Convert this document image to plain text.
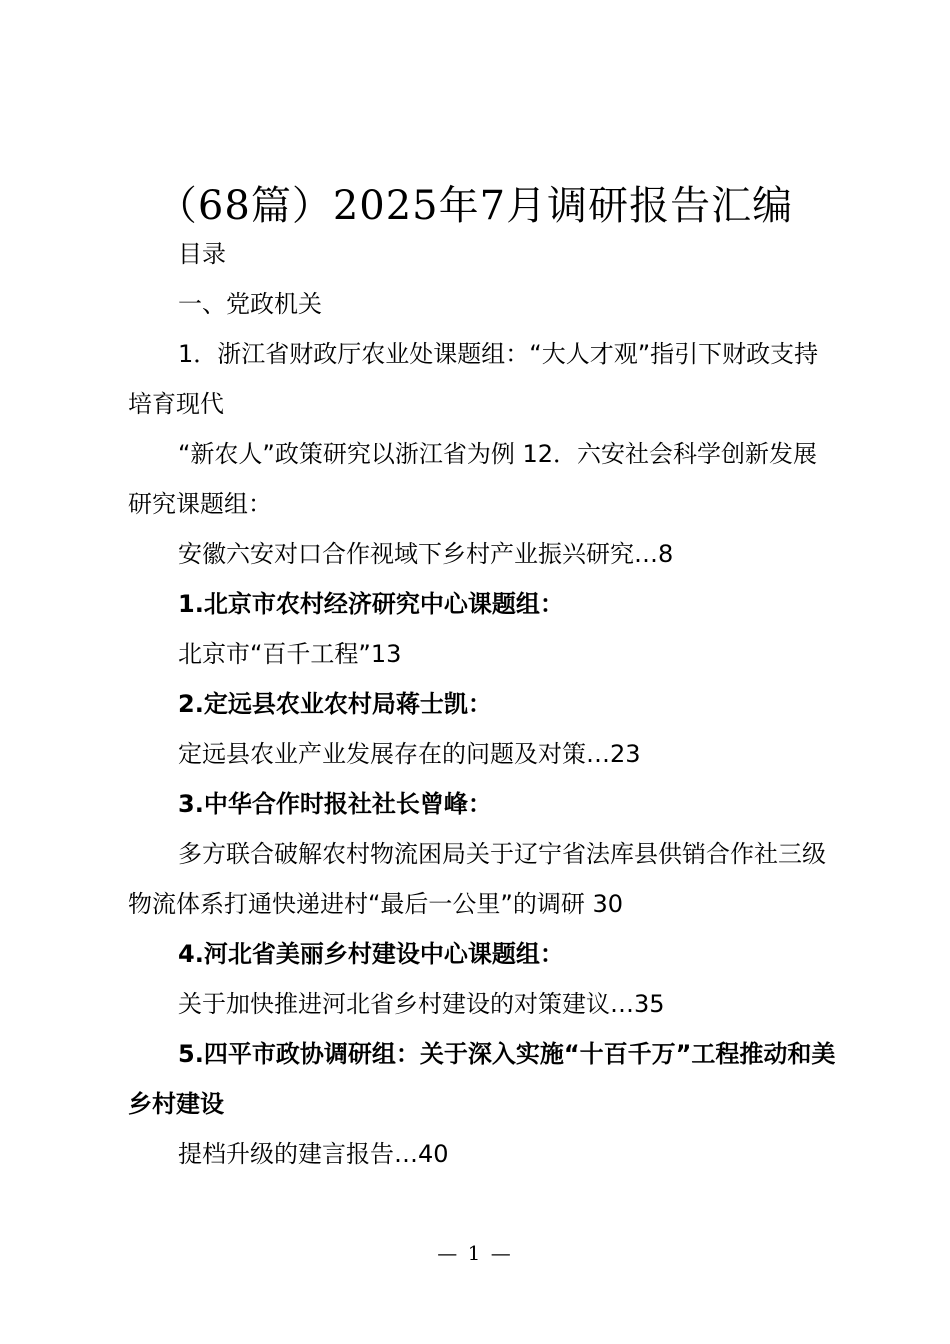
（68篇）2025年7月调研报告汇编

目录

一、党政机关

1．浙江省财政厅农业处课题组：“大人才观”指引下财政支持培育现代

“新农人”政策研究以浙江省为例 12．六安社会科学创新发展研究课题组：

安徽六安对口合作视域下乡村产业振兴研究…8

1.北京市农村经济研究中心课题组：

北京市“百千工程”13

2.定远县农业农村局蒋士凯：

定远县农业产业发展存在的问题及对策…23

3.中华合作时报社社长曾峰：

多方联合破解农村物流困局关于辽宁省法库县供销合作社三级物流体系打通快递进村“最后一公里”的调研 30

4.河北省美丽乡村建设中心课题组：

关于加快推进河北省乡村建设的对策建议…35

5.四平市政协调研组：关于深入实施“十百千万”工程推动和美乡村建设

提档升级的建言报告…40

— 1 —
